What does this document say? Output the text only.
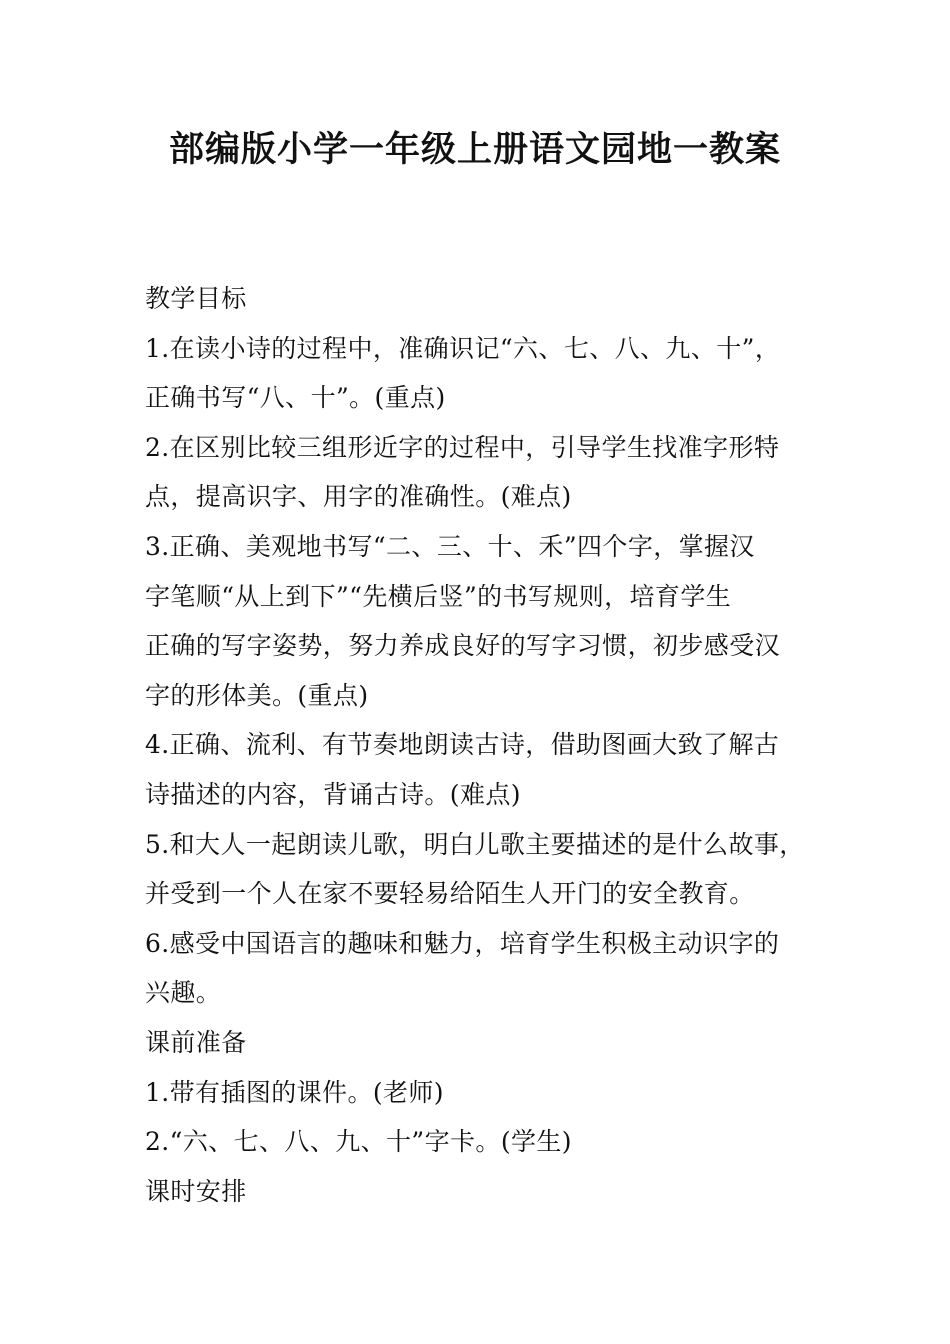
部编版小学一年级上册语文园地一教案
教学目标
1.在读小诗的过程中，准确识记“六、七、八、九、十”，
正确书写“八、十”。(重点)
2.在区别比较三组形近字的过程中，引导学生找准字形特
点，提高识字、用字的准确性。(难点)
3.正确、美观地书写“二、三、十、禾”四个字，掌握汉
字笔顺“从上到下”“先横后竖”的书写规则，培育学生
正确的写字姿势，努力养成良好的写字习惯，初步感受汉
字的形体美。(重点)
4.正确、流利、有节奏地朗读古诗，借助图画大致了解古
诗描述的内容，背诵古诗。(难点)
5.和大人一起朗读儿歌，明白儿歌主要描述的是什么故事，
并受到一个人在家不要轻易给陌生人开门的安全教育。
6.感受中国语言的趣味和魅力，培育学生积极主动识字的
兴趣。
课前准备
1.带有插图的课件。(老师)
2.“六、七、八、九、十”字卡。(学生)
课时安排
